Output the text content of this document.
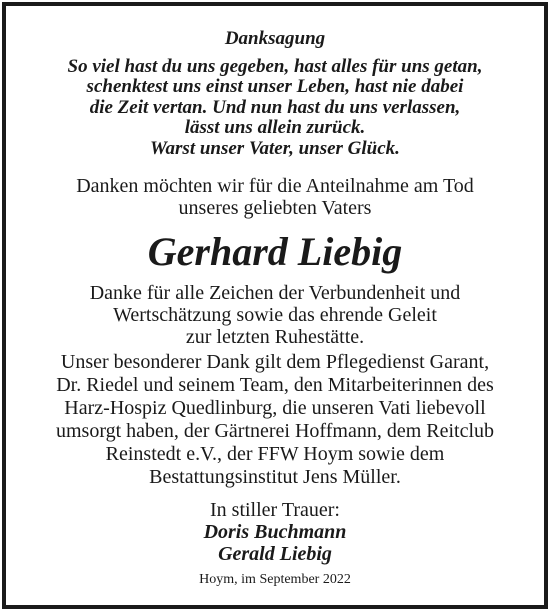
Danksagung
So viel hast du uns gegeben, hast alles für uns getan,
schenktest uns einst unser Leben, hast nie dabei
die Zeit vertan. Und nun hast du uns verlassen,
lässt uns allein zurück.
Warst unser Vater, unser Glück.
Danken möchten wir für die Anteilnahme am Tod
unseres geliebten Vaters
Gerhard Liebig
Danke für alle Zeichen der Verbundenheit und
Wertschätzung sowie das ehrende Geleit
zur letzten Ruhestätte.
Unser besonderer Dank gilt dem Pflegedienst Garant,
Dr. Riedel und seinem Team, den Mitarbeiterinnen des
Harz-Hospiz Quedlinburg, die unseren Vati liebevoll
umsorgt haben, der Gärtnerei Hoffmann, dem Reitclub
Reinstedt e.V., der FFW Hoym sowie dem
Bestattungsinstitut Jens Müller.
In stiller Trauer:
Doris Buchmann
Gerald Liebig
Hoym, im September 2022
